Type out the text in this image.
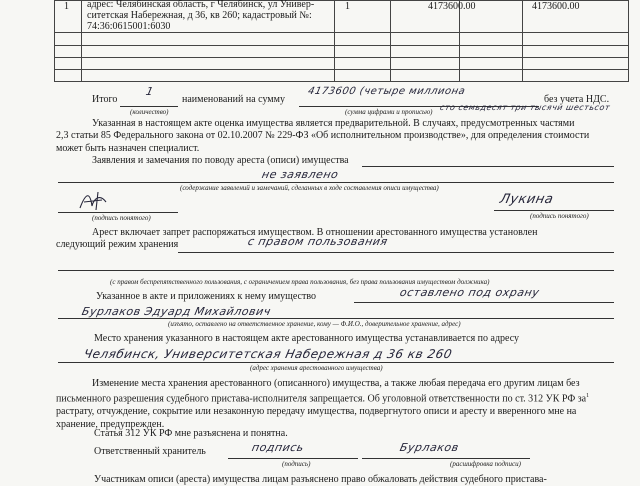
1 адрес: Челябинская область, г Челябинск, ул Универ-
ситетская Набережная, д 36, кв 260; кадастровый №:
74:36:0615001:6030
1	4173600.00	4173600.00
Итого
1
наименований на сумму
4173600 (четыре миллиона
сто семьдесят три тысячи шестьсот
без учета НДС.
(количество)	(сумма цифрами и прописью)
Указанная в настоящем акте оценка имущества является предварительной. В случаях, предусмотренных частями
2,3 статьи 85 Федерального закона от 02.10.2007 № 229-ФЗ «Об исполнительном производстве», для определения стоимости
может быть назначен специалист.
Заявления и замечания по поводу ареста (описи) имущества
не заявлено
(содержание заявлений и замечаний, сделанных в ходе составления описи имущества)
(подпись понятого)
Лукина
(подпись понятого)
Арест включает запрет распоряжаться имуществом. В отношении арестованного имущества установлен
следующий режим хранения	с правом пользования
(с правом беспрепятственного пользования, с ограничением права пользования, без права пользования имуществом должника)
Указанное в акте и приложениях к нему имущество	оставлено под охрану
Бурлаков Эдуард Михайлович
(изъято, оставлено на ответственное хранение, кому — Ф.И.О., доверительное хранение, адрес)
Место хранения указанного в настоящем акте арестованного имущества устанавливается по адресу
Челябинск, Университетская Набережная д 36 кв 260
(адрес хранения арестованного имущества)
Изменение места хранения арестованного (описанного) имущества, а также любая передача его другим лицам без
письменного разрешения судебного пристава-исполнителя запрещается. Об уголовной ответственности по ст. 312 УК РФ $за^1$
растрату, отчуждение, сокрытие или незаконную передачу имущества, подвергнутого описи и аресту и вверенного мне на
хранение, предупрежден.
Статья 312 УК РФ мне разъяснена и понятна.
Ответственный хранитель	подпись	Бурлаков
(подпись)	(расшифровка подписи)
Участникам описи (ареста) имущества лицам разъяснено право обжаловать действия судебного пристава-
